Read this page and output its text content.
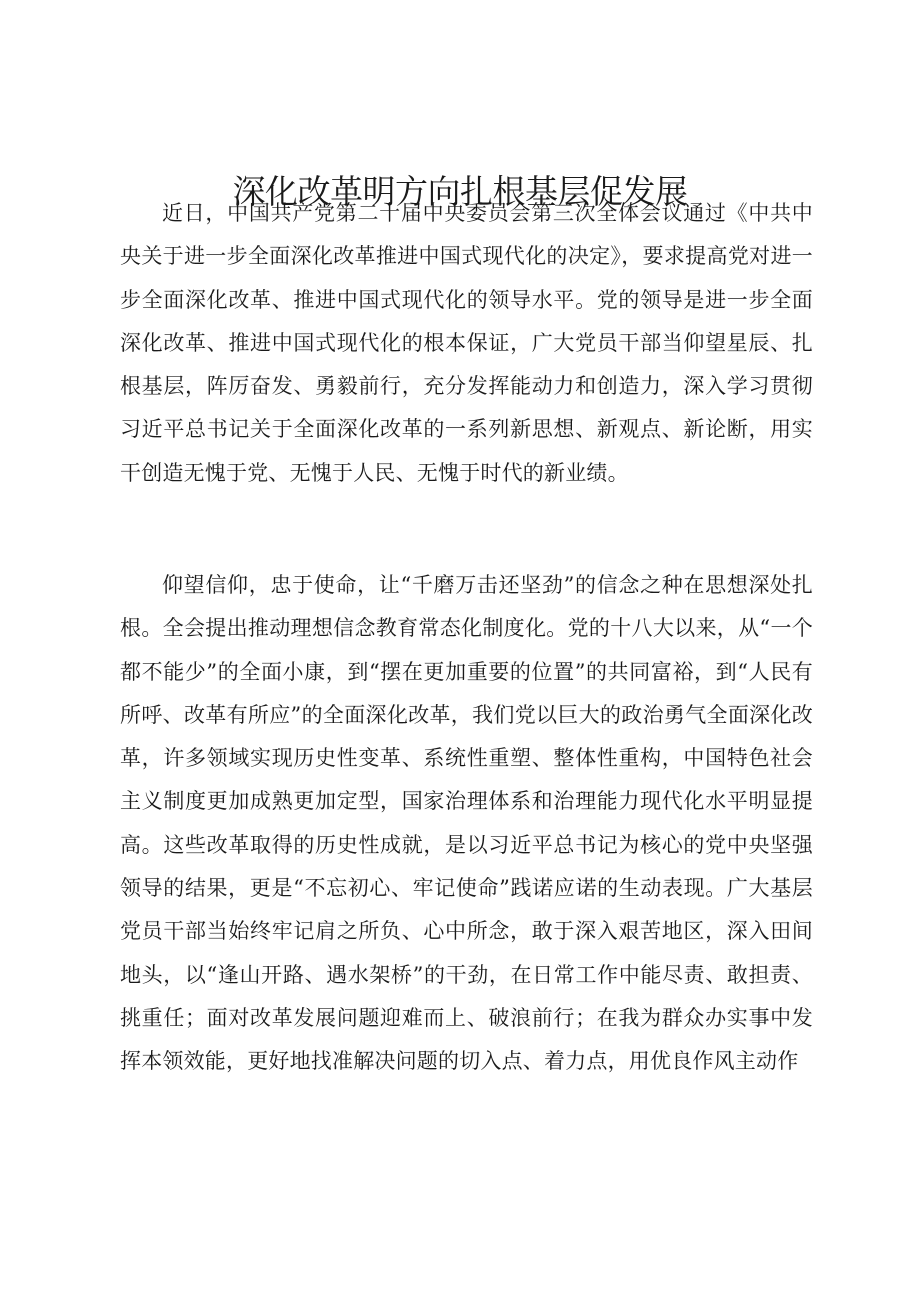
深化改革明方向扎根基层促发展

近日，中国共产党第二十届中央委员会第三次全体会议通过《中共中央关于进一步全面深化改革推进中国式现代化的决定》，要求提高党对进一步全面深化改革、推进中国式现代化的领导水平。党的领导是进一步全面深化改革、推进中国式现代化的根本保证，广大党员干部当仰望星辰、扎根基层，阵厉奋发、勇毅前行，充分发挥能动力和创造力，深入学习贯彻习近平总书记关于全面深化改革的一系列新思想、新观点、新论断，用实干创造无愧于党、无愧于人民、无愧于时代的新业绩。

仰望信仰，忠于使命，让“千磨万击还坚劲”的信念之种在思想深处扎根。全会提出推动理想信念教育常态化制度化。党的十八大以来，从“一个都不能少”的全面小康，到“摆在更加重要的位置”的共同富裕，到“人民有所呼、改革有所应”的全面深化改革，我们党以巨大的政治勇气全面深化改革，许多领域实现历史性变革、系统性重塑、整体性重构，中国特色社会主义制度更加成熟更加定型，国家治理体系和治理能力现代化水平明显提高。这些改革取得的历史性成就，是以习近平总书记为核心的党中央坚强领导的结果，更是“不忘初心、牢记使命”践诺应诺的生动表现。广大基层党员干部当始终牢记肩之所负、心中所念，敢于深入艰苦地区，深入田间地头，以“逢山开路、遇水架桥”的干劲，在日常工作中能尽责、敢担责、挑重任；面对改革发展问题迎难而上、破浪前行；在我为群众办实事中发挥本领效能，更好地找准解决问题的切入点、着力点，用优良作风主动作
